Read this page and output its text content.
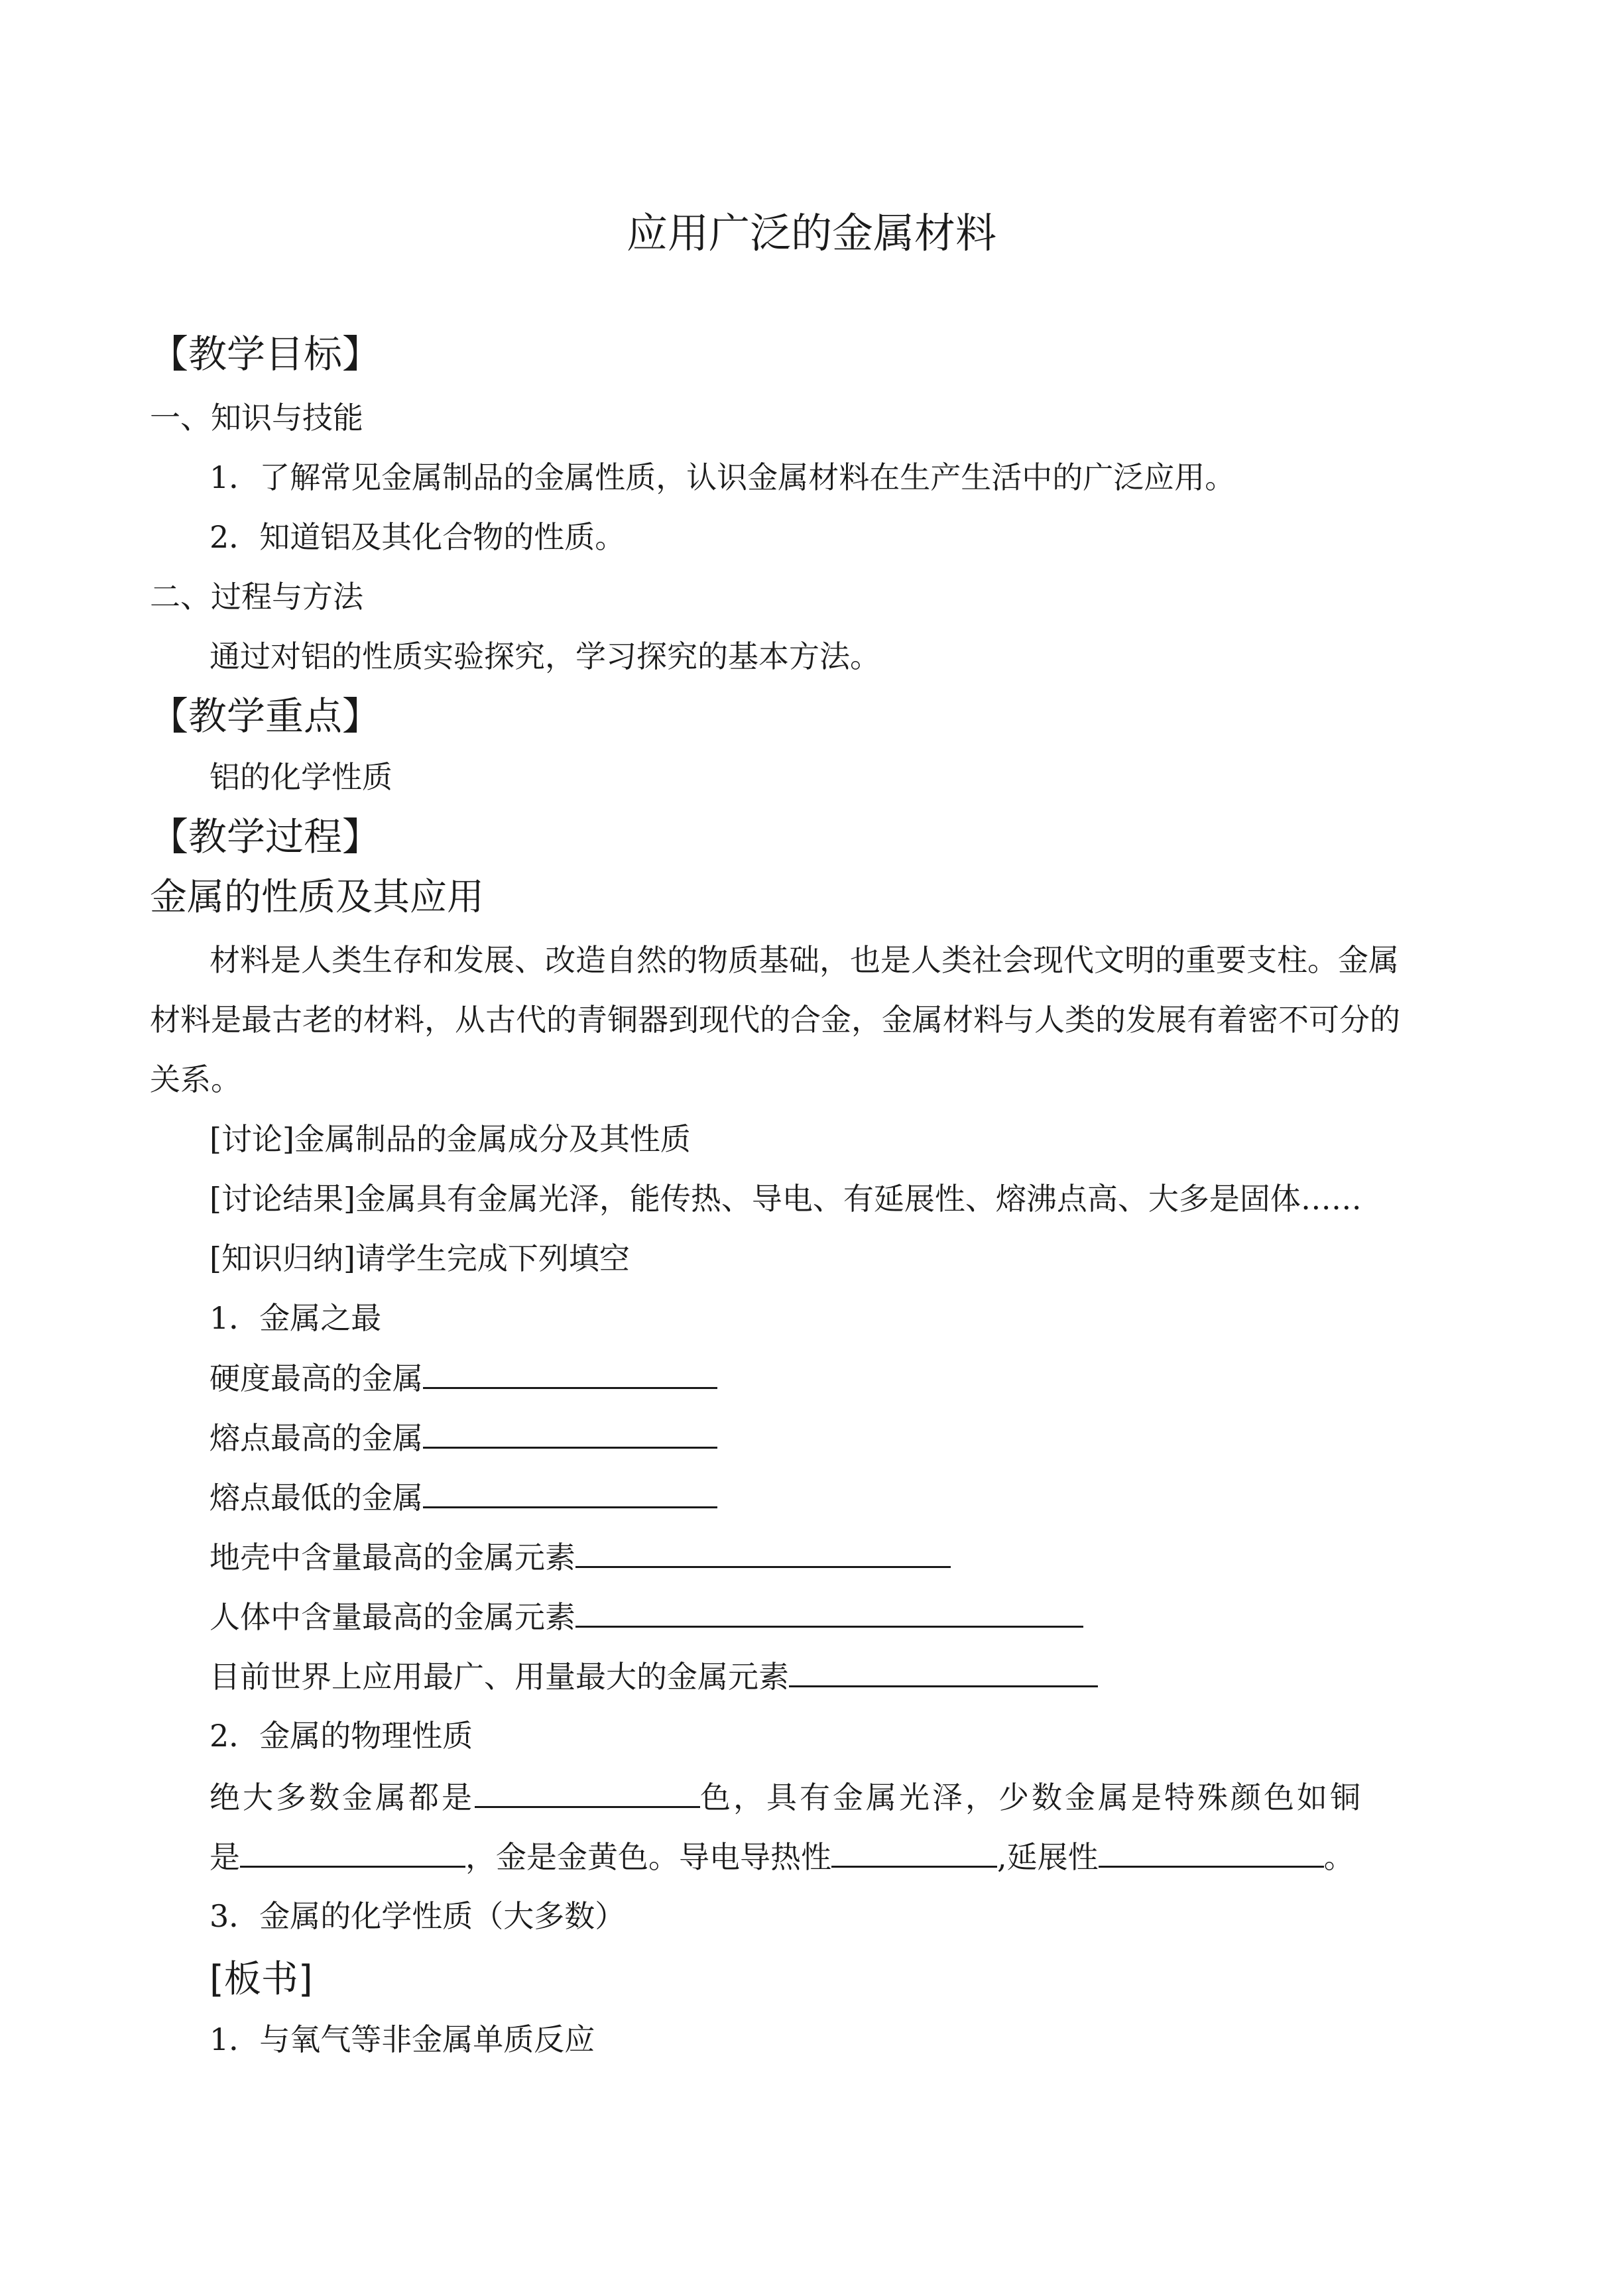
应用广泛的金属材料
【教学目标】
一、知识与技能
1．了解常见金属制品的金属性质，认识金属材料在生产生活中的广泛应用。
2．知道铝及其化合物的性质。
二、过程与方法
通过对铝的性质实验探究，学习探究的基本方法。
【教学重点】
铝的化学性质
【教学过程】
金属的性质及其应用
材料是人类生存和发展、改造自然的物质基础，也是人类社会现代文明的重要支柱。金属
材料是最古老的材料，从古代的青铜器到现代的合金，金属材料与人类的发展有着密不可分的
关系。
[讨论]金属制品的金属成分及其性质
[讨论结果]金属具有金属光泽，能传热、导电、有延展性、熔沸点高、大多是固体……
[知识归纳]请学生完成下列填空
1．金属之最
硬度最高的金属
熔点最高的金属
熔点最低的金属
地壳中含量最高的金属元素
人体中含量最高的金属元素
目前世界上应用最广、用量最大的金属元素
2．金属的物理性质
绝大多数金属都是	色，具有金属光泽，少数金属是特殊颜色如铜
是	，金是金黄色。导电导热性	,延展性	。
3．金属的化学性质（大多数）
[板书]
1．与氧气等非金属单质反应
